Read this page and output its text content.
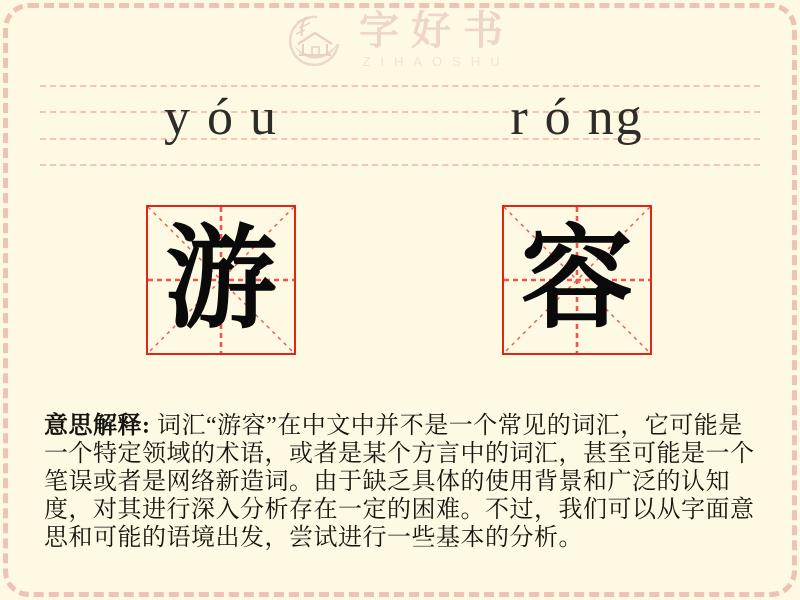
字好书
ZIHAOSHU
y ó u	r ó ng
游 容
意思解释: 词汇“游容”在中文中并不是一个常见的词汇，它可能是
一个特定领域的术语，或者是某个方言中的词汇，甚至可能是一个
笔误或者是网络新造词。由于缺乏具体的使用背景和广泛的认知
度，对其进行深入分析存在一定的困难。不过，我们可以从字面意
思和可能的语境出发，尝试进行一些基本的分析。
